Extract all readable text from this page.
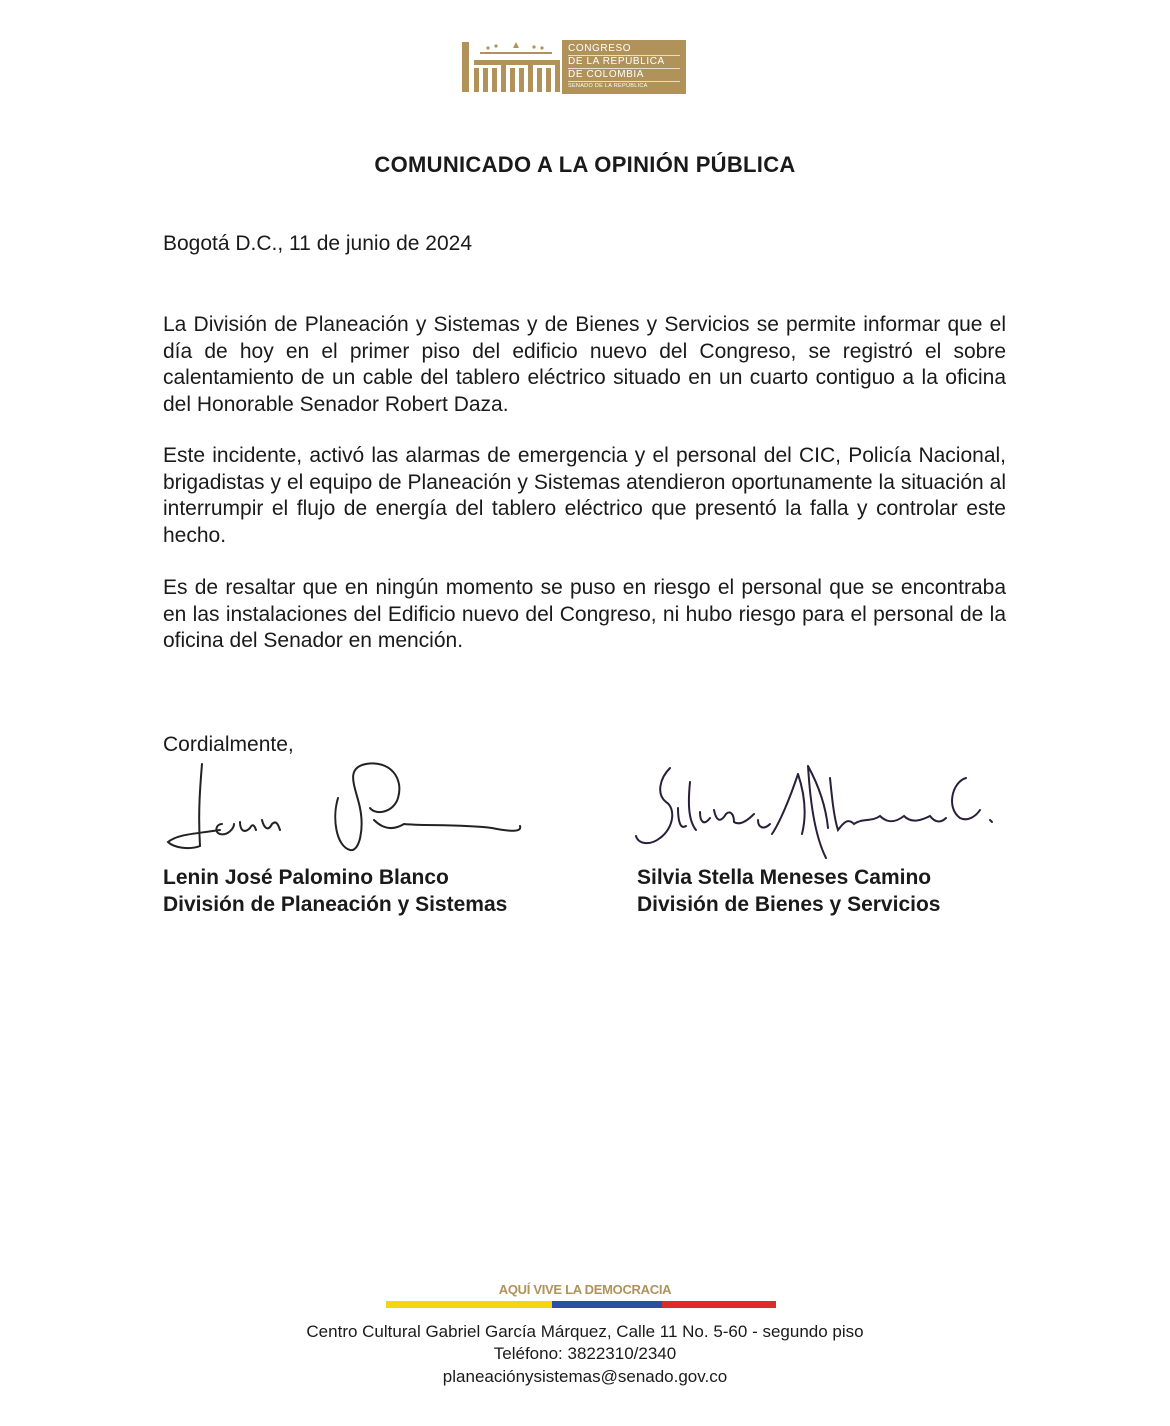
CONGRESO
DE LA REPÚBLICA
DE COLOMBIA
SENADO DE LA REPÚBLICA
COMUNICADO A LA OPINIÓN PÚBLICA
Bogotá D.C., 11 de junio de 2024

La División de Planeación y Sistemas y de Bienes y Servicios se permite informar que el día de hoy en el primer piso del edificio nuevo del Congreso, se registró el sobre calentamiento de un cable del tablero eléctrico situado en un cuarto contiguo a la oficina del Honorable Senador Robert Daza.

Este incidente, activó las alarmas de emergencia y el personal del CIC, Policía Nacional, brigadistas y el equipo de Planeación y Sistemas atendieron oportunamente la situación al interrumpir el flujo de energía del tablero eléctrico que presentó la falla y controlar este hecho.

Es de resaltar que en ningún momento se puso en riesgo el personal que se encontraba en las instalaciones del Edificio nuevo del Congreso, ni hubo riesgo para el personal de la oficina del Senador en mención.

Cordialmente,
Lenin José Palomino Blanco
División de Planeación y Sistemas
Silvia Stella Meneses Camino
División de Bienes y Servicios
AQUÍ VIVE LA DEMOCRACIA
Centro Cultural Gabriel García Márquez, Calle 11 No. 5-60 - segundo piso
Teléfono: 3822310/2340
planeaciónysistemas@senado.gov.co
